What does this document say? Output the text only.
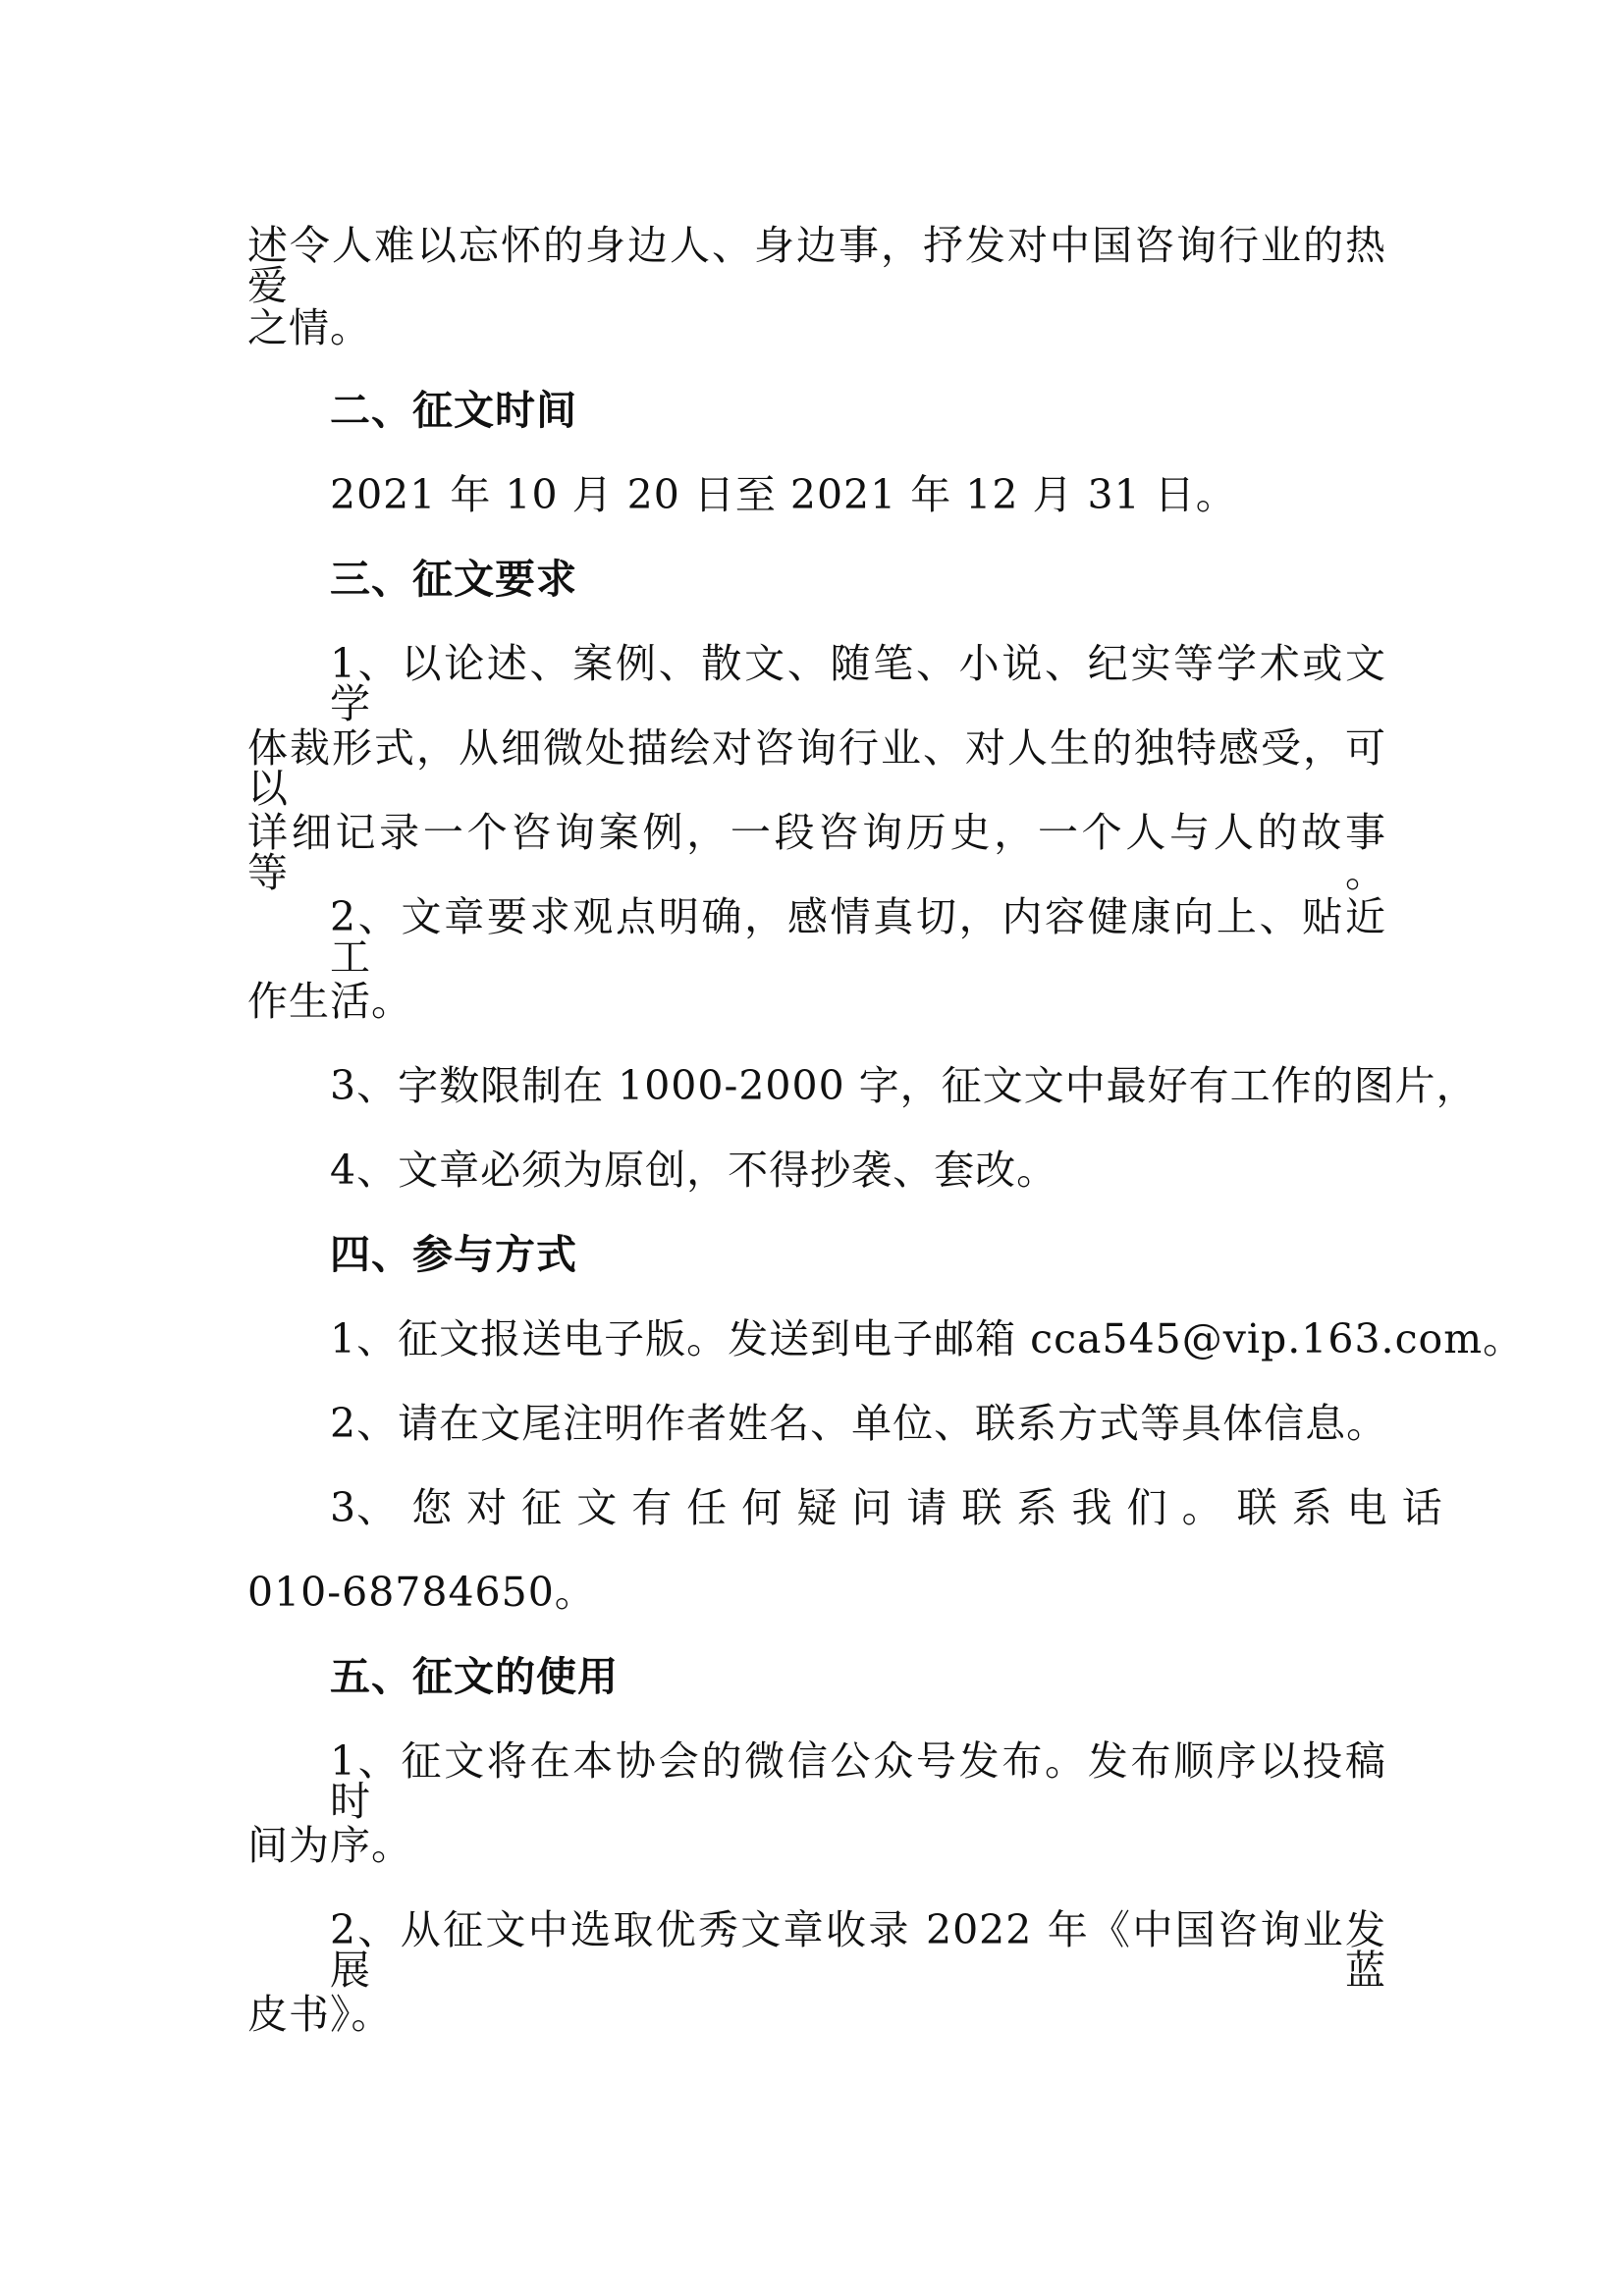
述令人难以忘怀的身边人、身边事，抒发对中国咨询行业的热爱
之情。
二、征文时间
2021 年 10 月 20 日至 2021 年 12 月 31 日。
三、征文要求
1、以论述、案例、散文、随笔、小说、纪实等学术或文学
体裁形式，从细微处描绘对咨询行业、对人生的独特感受，可以
详细记录一个咨询案例，一段咨询历史，一个人与人的故事等。
2、文章要求观点明确，感情真切，内容健康向上、贴近工
作生活。
3、字数限制在 1000-2000 字，征文文中最好有工作的图片，
4、文章必须为原创，不得抄袭、套改。
四、参与方式
1、征文报送电子版。发送到电子邮箱 cca545@vip.163.com。
2、请在文尾注明作者姓名、单位、联系方式等具体信息。
3、 您 对 征 文 有 任 何 疑 问 请 联 系 我 们 。 联 系 电 话
010-68784650。
五、征文的使用
1、征文将在本协会的微信公众号发布。发布顺序以投稿时
间为序。
2、从征文中选取优秀文章收录 2022 年《中国咨询业发展蓝
皮书》。
